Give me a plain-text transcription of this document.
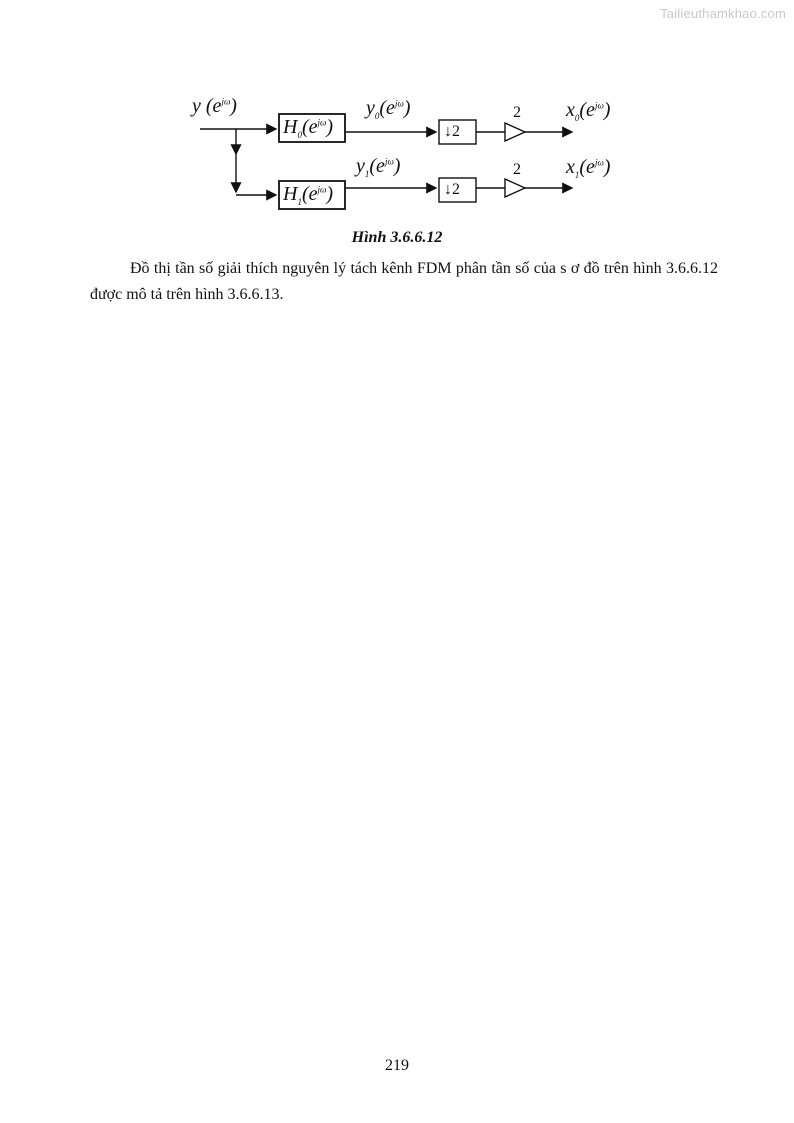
Tailieuthamkhao.com
y $(e^{j\omega})$
$H_0(e^{j\omega})$
$H_1(e^{j\omega})$
$y_0(e^{j\omega})$
$y_1(e^{j\omega})$
↓2
↓2
2
2
$x_0(e^{j\omega})$
$x_1(e^{j\omega})$
Hình 3.6.6.12
Đồ thị tần số giải thích nguyên lý tách kênh FDM phân tần số của s ơ đồ trên hình 3.6.6.12 được mô tả trên hình 3.6.6.13.
219
